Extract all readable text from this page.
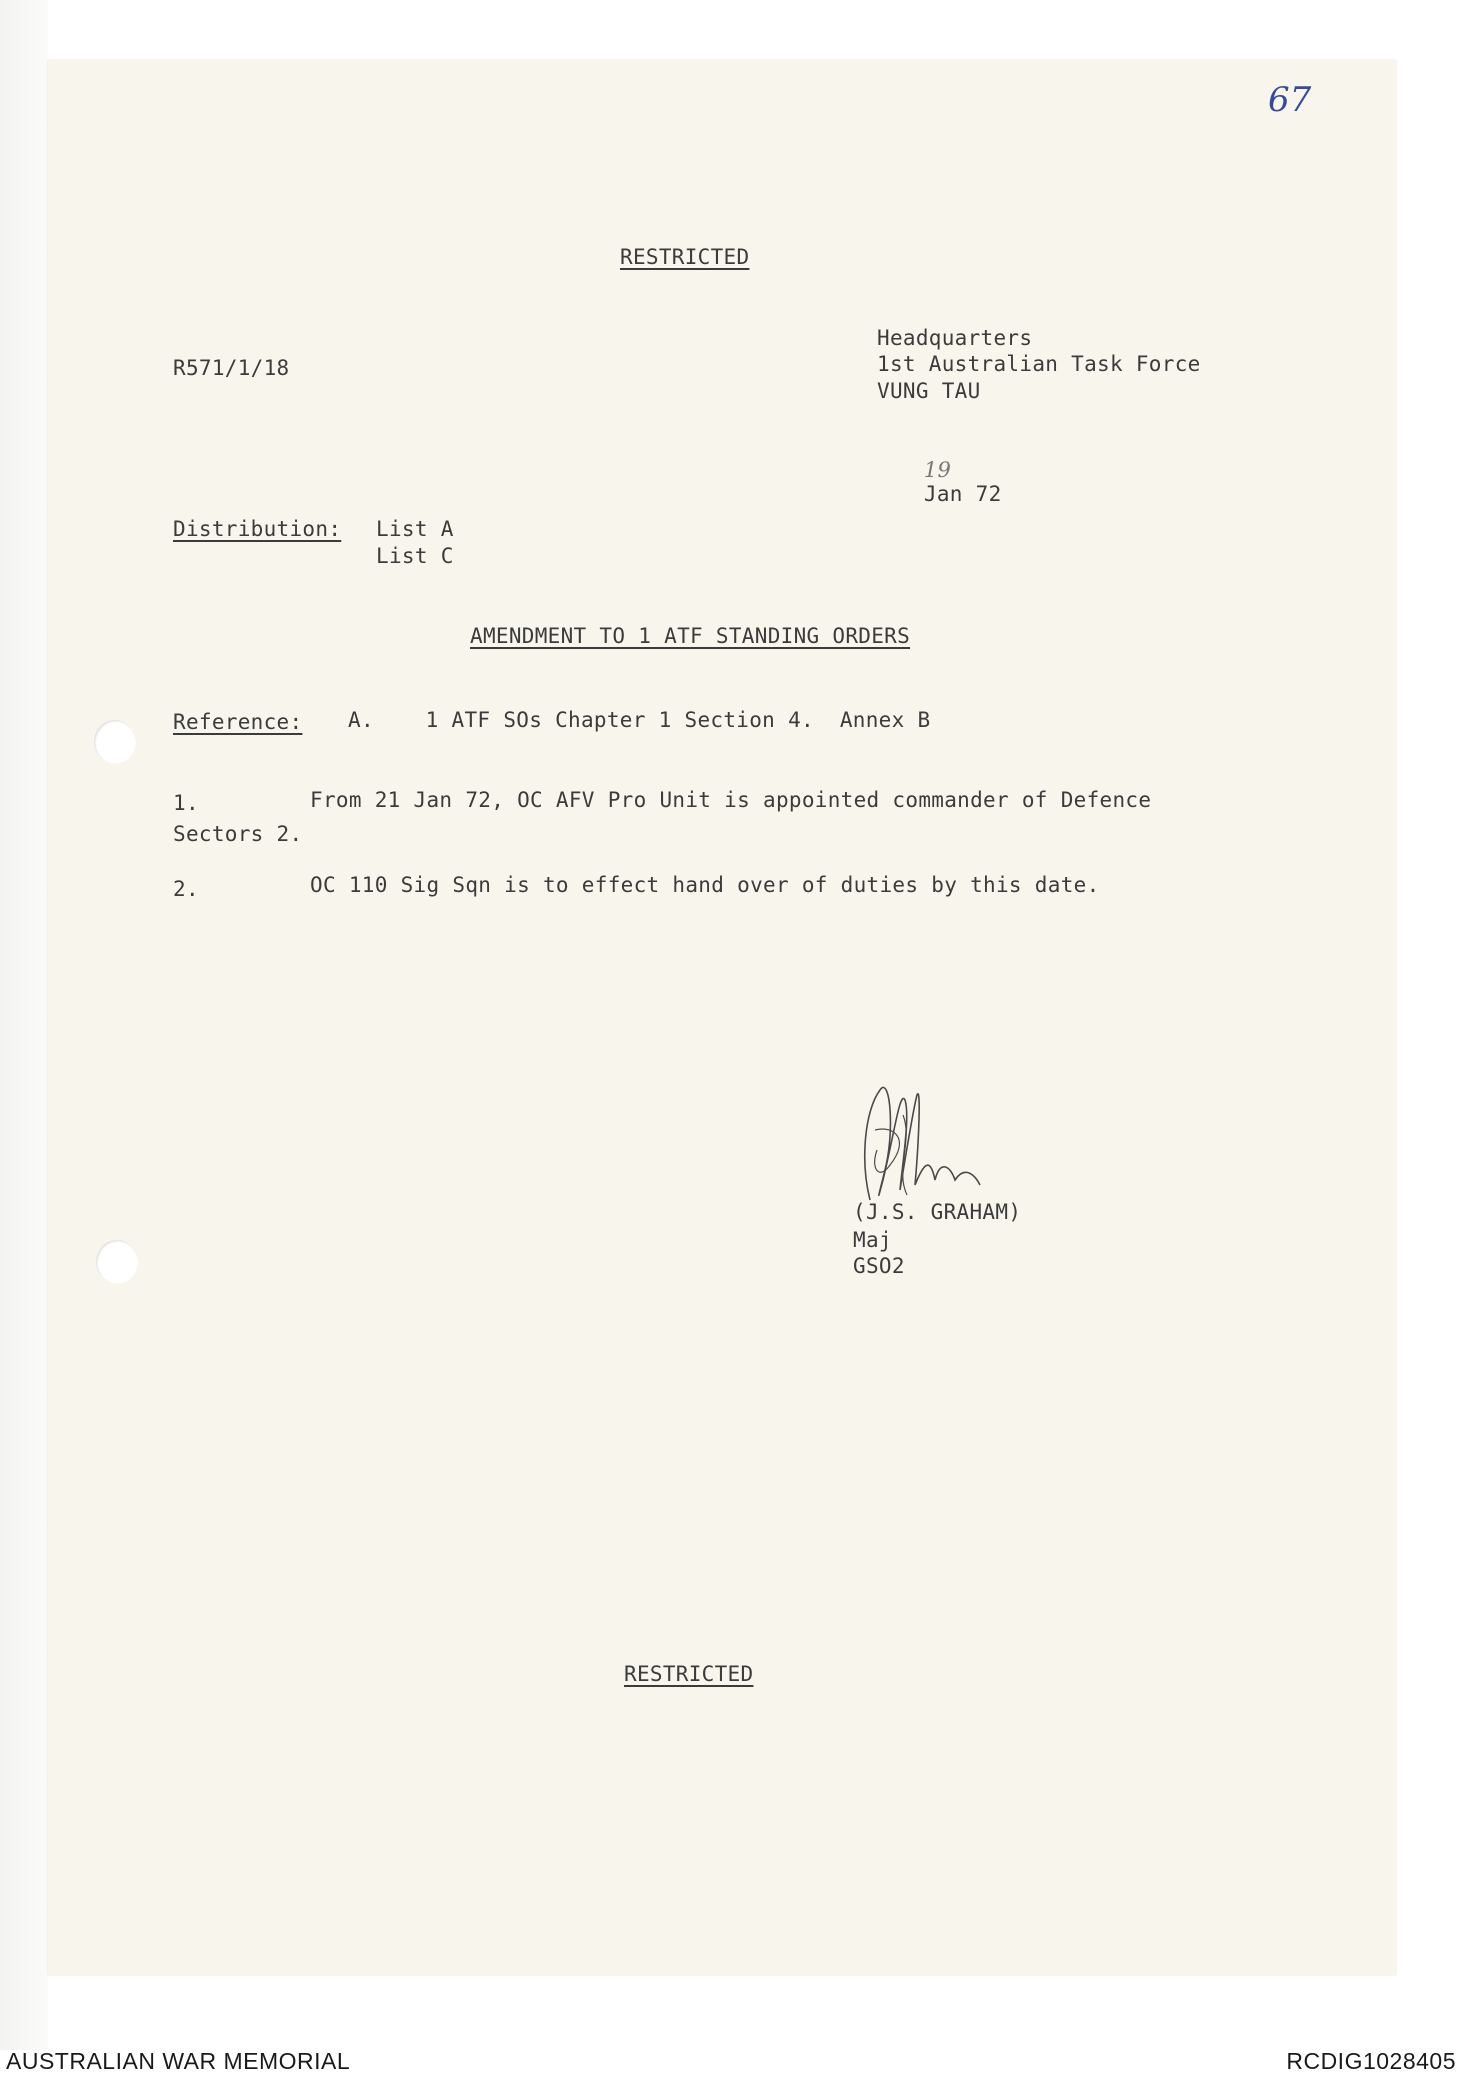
67
RESTRICTED
R571/1/18
Headquarters
1st Australian Task Force
VUNG TAU

19
Jan 72

Distribution: List A
List C
AMENDMENT TO 1 ATF STANDING ORDERS
Reference: A.    1 ATF SOs Chapter 1 Section 4.  Annex B
1.	From 21 Jan 72, OC AFV Pro Unit is appointed commander of Defence
Sectors 2.
2.	OC 110 Sig Sqn is to effect hand over of duties by this date.
(J.S. GRAHAM)
Maj
GSO2
RESTRICTED
AUSTRALIAN WAR MEMORIAL	RCDIG1028405
